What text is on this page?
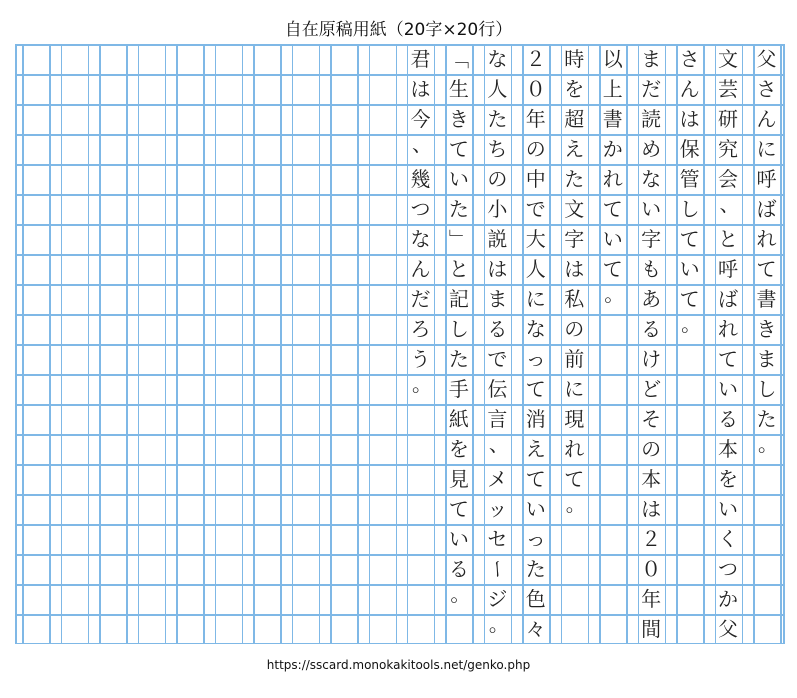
自在原稿用紙（20字×20行）
父
さ
ん
に
呼
ば
れ
て
書
き
ま
し
た
。
文
芸
研
究
会
、
と
呼
ば
れ
て
い
る
本
を
い
く
つ
か
父
さ
ん
は
保
管
し
て
い
て
。
ま
だ
読
め
な
い
字
も
あ
る
け
ど
そ
の
本
は
２
０
年
間
以
上
書
か
れ
て
い
て
。
時
を
超
え
た
文
字
は
私
の
前
に
現
れ
て
。
２
０
年
の
中
で
大
人
に
な
っ
て
消
え
て
い
っ
た
色
々
な
人
た
ち
の
小
説
は
ま
る
で
伝
言
、
メ
ッ
セ
ー
ジ
。
「
生
き
て
い
た
」
と
記
し
た
手
紙
を
見
て
い
る
。
君
は
今
、
幾
つ
な
ん
だ
ろ
う
。
https://sscard.monokakitools.net/genko.php
